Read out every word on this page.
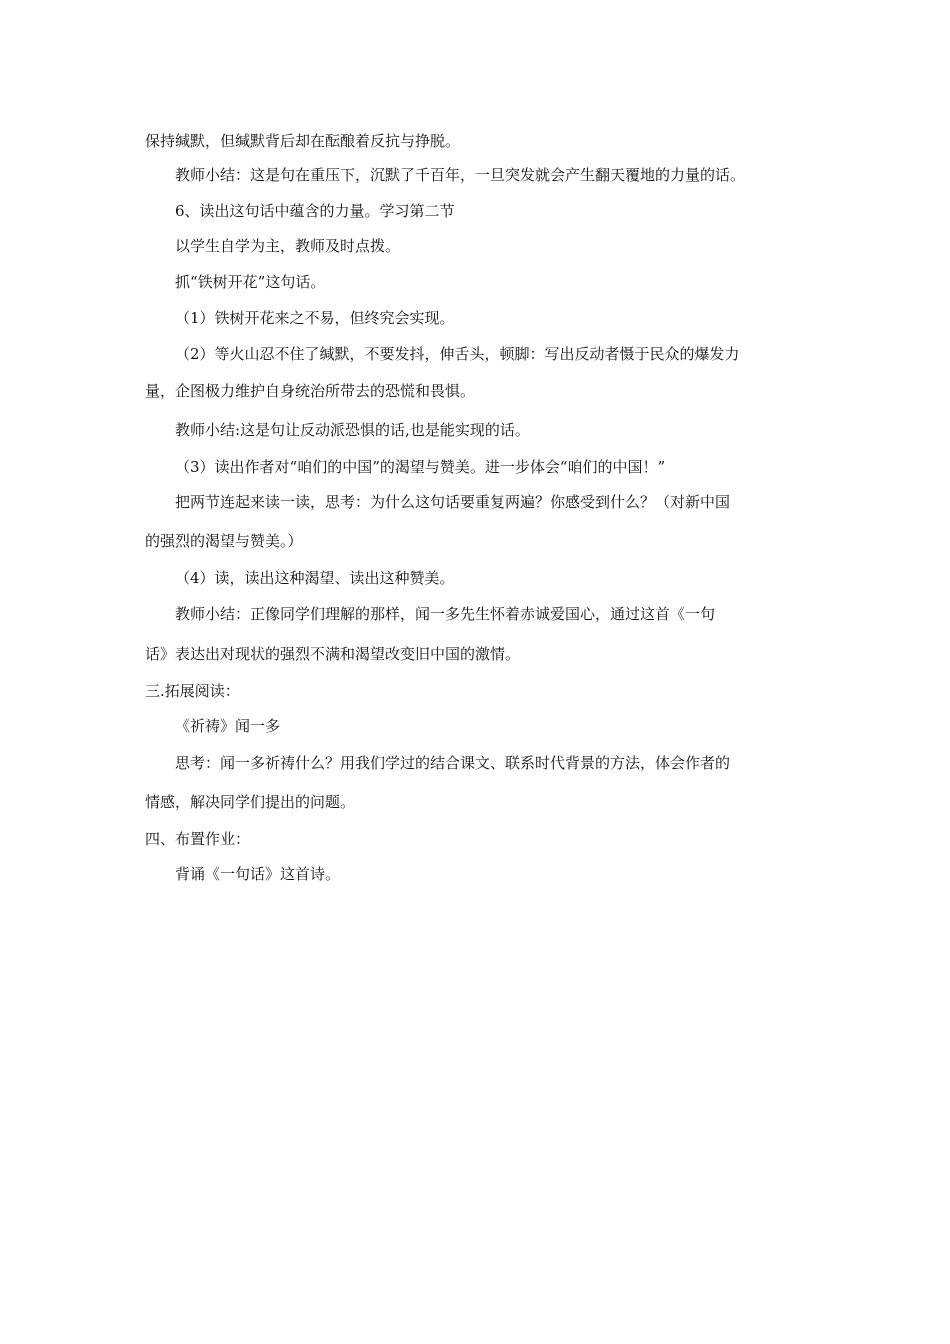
保持缄默，但缄默背后却在酝酿着反抗与挣脱。
教师小结：这是句在重压下，沉默了千百年，一旦突发就会产生翻天覆地的力量的话。
6、读出这句话中蕴含的力量。学习第二节
以学生自学为主，教师及时点拨。
抓“铁树开花”这句话。
（1）铁树开花来之不易，但终究会实现。
（2）等火山忍不住了缄默，不要发抖，伸舌头，顿脚：写出反动者慑于民众的爆发力
量，企图极力维护自身统治所带去的恐慌和畏惧。
教师小结:这是句让反动派恐惧的话,也是能实现的话。
（3）读出作者对“咱们的中国”的渴望与赞美。进一步体会“咱们的中国！”
把两节连起来读一读，思考：为什么这句话要重复两遍？你感受到什么？（对新中国
的强烈的渴望与赞美。）
（4）读，读出这种渴望、读出这种赞美。
教师小结：正像同学们理解的那样，闻一多先生怀着赤诚爱国心，通过这首《一句
话》表达出对现状的强烈不满和渴望改变旧中国的激情。
三.拓展阅读：
《祈祷》闻一多
思考：闻一多祈祷什么？用我们学过的结合课文、联系时代背景的方法，体会作者的
情感，解决同学们提出的问题。
四、布置作业：
背诵《一句话》这首诗。
